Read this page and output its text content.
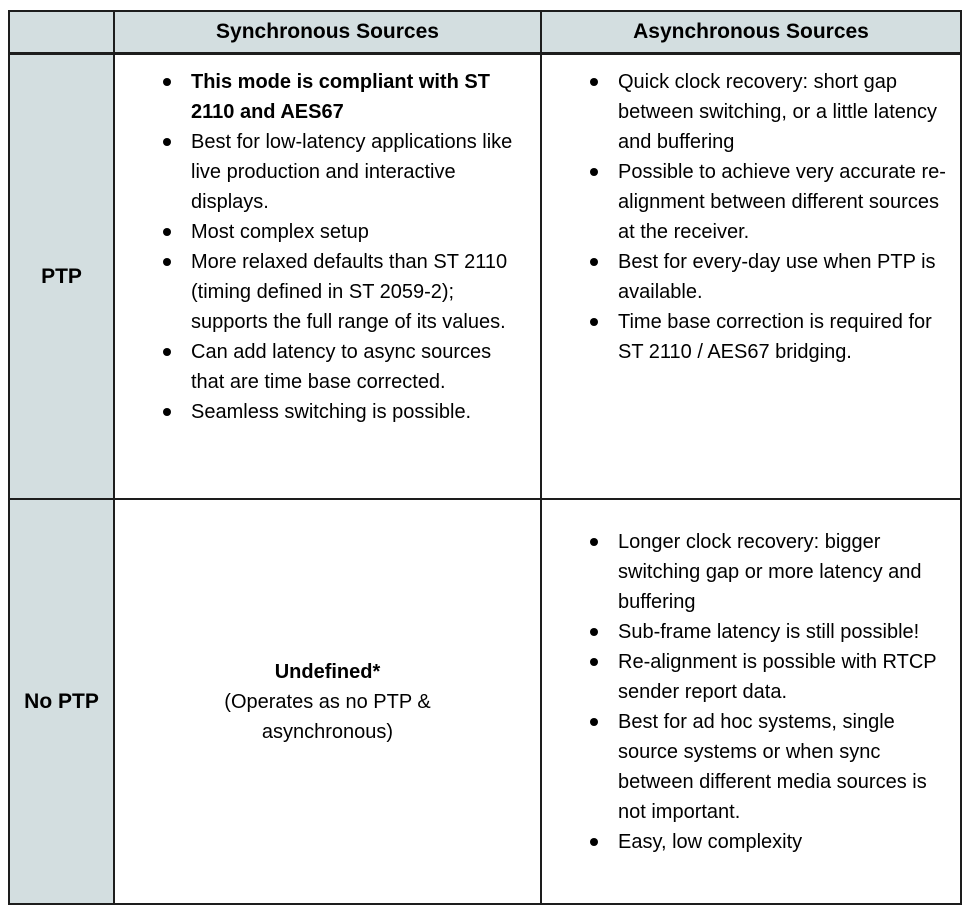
Synchronous Sources	Asynchronous Sources
PTP
This mode is compliant with ST 2110 and AES67
Best for low-latency applications like live production and interactive displays.
Most complex setup
More relaxed defaults than ST 2110 (timing defined in ST 2059-2); supports the full range of its values.
Can add latency to async sources that are time base corrected.
Seamless switching is possible.
Quick clock recovery: short gap between switching, or a little latency and buffering
Possible to achieve very accurate re-alignment between different sources at the receiver.
Best for every-day use when PTP is available.
Time base correction is required for ST 2110 / AES67 bridging.
No PTP
Undefined*
(Operates as no PTP & asynchronous)
Longer clock recovery: bigger switching gap or more latency and buffering
Sub-frame latency is still possible!
Re-alignment is possible with RTCP sender report data.
Best for ad hoc systems, single source systems or when sync between different media sources is not important.
Easy, low complexity
